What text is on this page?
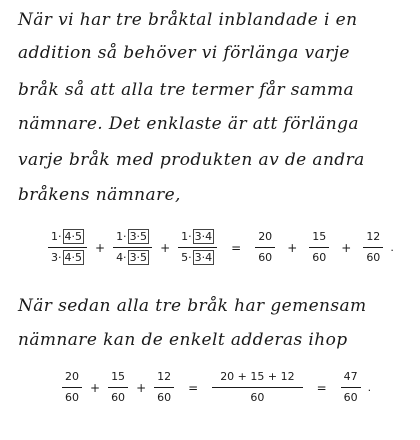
När vi har tre bråktal inblandade i en
addition så behöver vi förlänga varje
bråk så att alla tre termer får samma
nämnare. Det enklaste är att förlänga
varje bråk med produkten av de andra
bråkens nämnare,
$\frac{1\cdot 4\cdot 5}{3\cdot 4\cdot 5} + \frac{1\cdot 3\cdot 5}{4\cdot 3\cdot 5} + \frac{1\cdot 3\cdot 4}{5\cdot 3\cdot 4} = \frac{20}{60} + \frac{15}{60} + \frac{12}{60}$ .
När sedan alla tre bråk har gemensam
nämnare kan de enkelt adderas ihop
$\frac{20}{60} + \frac{15}{60} + \frac{12}{60} = \frac{20 + 15 + 12}{60} = \frac{47}{60}$ .
